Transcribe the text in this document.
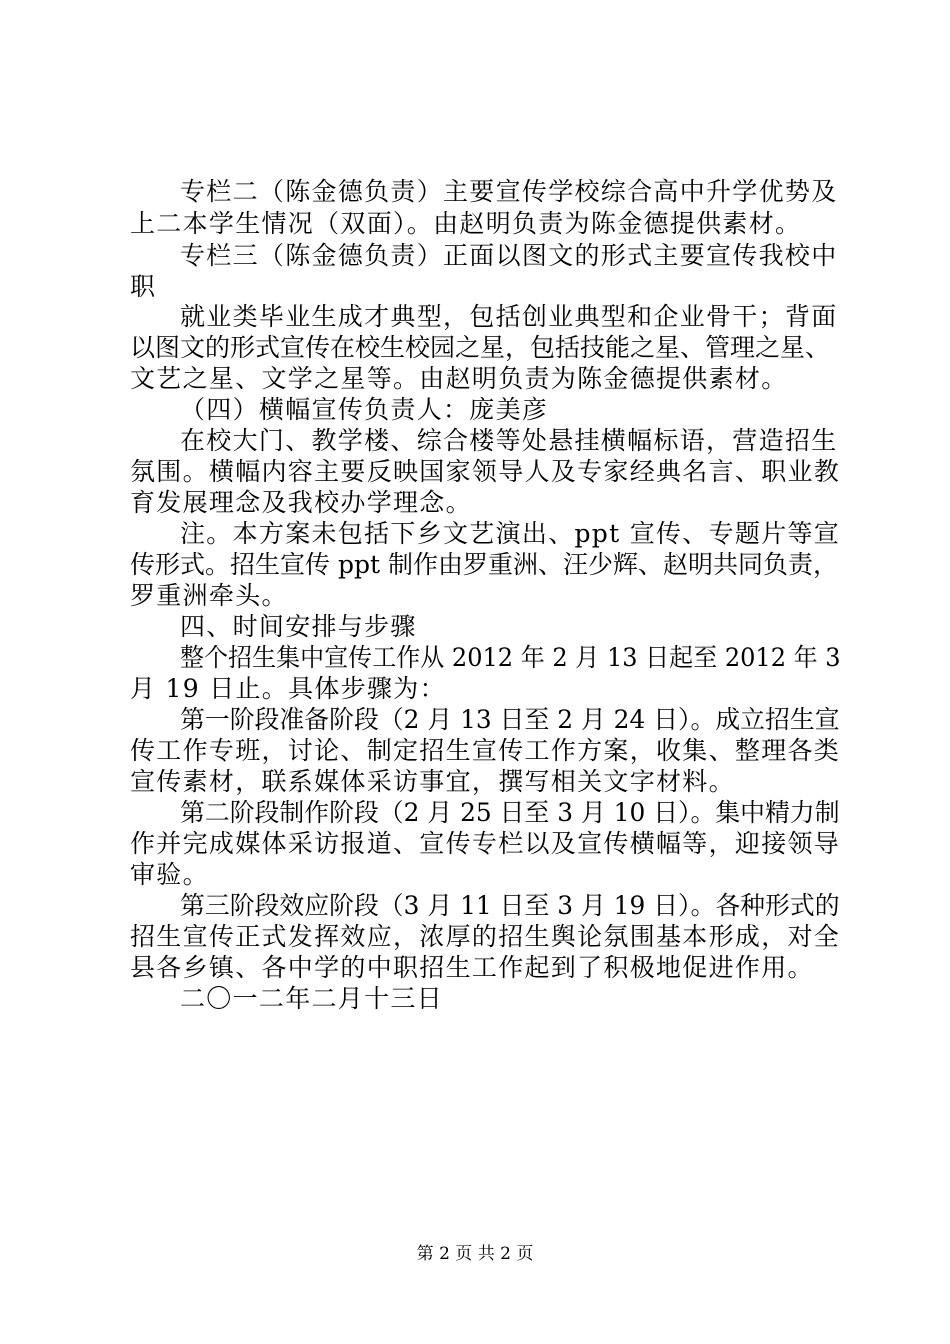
专栏二（陈金德负责）主要宣传学校综合高中升学优势及
上二本学生情况（双面）。由赵明负责为陈金德提供素材。
专栏三（陈金德负责）正面以图文的形式主要宣传我校中
职
就业类毕业生成才典型，包括创业典型和企业骨干；背面
以图文的形式宣传在校生校园之星，包括技能之星、管理之星、
文艺之星、文学之星等。由赵明负责为陈金德提供素材。
（四）横幅宣传负责人：庞美彦
在校大门、教学楼、综合楼等处悬挂横幅标语，营造招生
氛围。横幅内容主要反映国家领导人及专家经典名言、职业教
育发展理念及我校办学理念。
注。本方案未包括下乡文艺演出、ppt 宣传、专题片等宣
传形式。招生宣传 ppt 制作由罗重洲、汪少辉、赵明共同负责，
罗重洲牵头。
四、时间安排与步骤
整个招生集中宣传工作从 2012 年 2 月 13 日起至 2012 年 3
月 19 日止。具体步骤为：
第一阶段准备阶段（2 月 13 日至 2 月 24 日）。成立招生宣
传工作专班，讨论、制定招生宣传工作方案，收集、整理各类
宣传素材，联系媒体采访事宜，撰写相关文字材料。
第二阶段制作阶段（2 月 25 日至 3 月 10 日）。集中精力制
作并完成媒体采访报道、宣传专栏以及宣传横幅等，迎接领导
审验。
第三阶段效应阶段（3 月 11 日至 3 月 19 日）。各种形式的
招生宣传正式发挥效应，浓厚的招生舆论氛围基本形成，对全
县各乡镇、各中学的中职招生工作起到了积极地促进作用。
二〇一二年二月十三日
第 2 页 共 2 页
